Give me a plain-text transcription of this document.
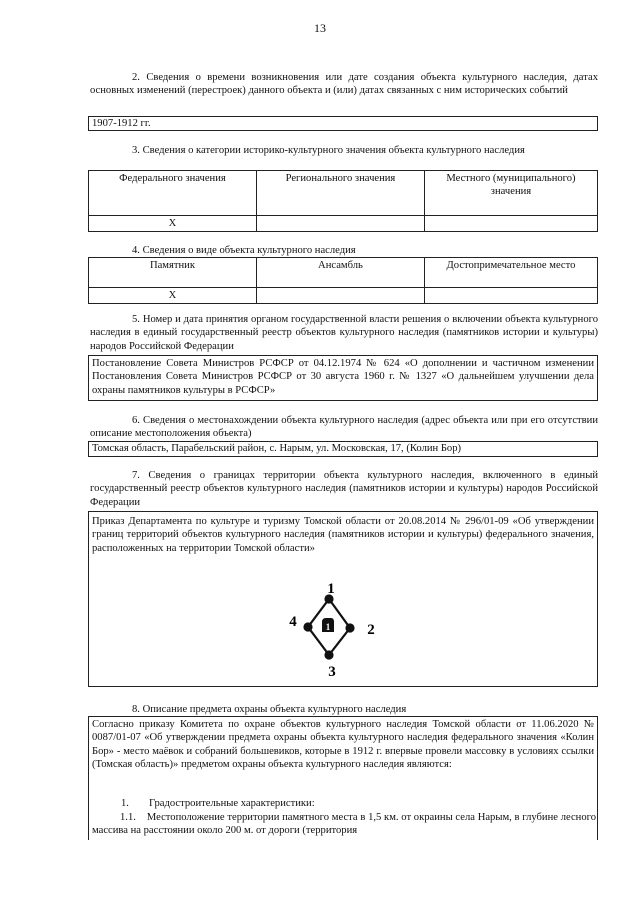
13
2. Сведения о времени возникновения или дате создания объекта культурного наследия, датах основных изменений (перестроек) данного объекта и (или) датах связанных с ним исторических событий
1907-1912 гг.
3. Сведения о категории историко-культурного значения объекта культурного наследия
Федерального значения	Регионального значения	Местного (муниципального) значения
X		
4. Сведения о виде объекта культурного наследия
Памятник	Ансамбль	Достопримечательное место
X		
5. Номер и дата принятия органом государственной власти решения о включении объекта культурного наследия в единый государственный реестр объектов культурного наследия (памятников истории и культуры) народов Российской Федерации
Постановление Совета Министров РСФСР от 04.12.1974 № 624 «О дополнении и частичном изменении Постановления Совета Министров РСФСР от 30 августа 1960 г. № 1327 «О дальнейшем улучшении дела охраны памятников культуры в РСФСР»
6. Сведения о местонахождении объекта культурного наследия (адрес объекта или при его отсутствии описание местоположения объекта)
Томская область, Парабельский район, с. Нарым, ул. Московская, 17, (Колин Бор)
7. Сведения о границах территории объекта культурного наследия, включенного в единый государственный реестр объектов культурного наследия (памятников истории и культуры) народов Российской Федерации
Приказ Департамента по культуре и туризму Томской области от 20.08.2014 № 296/01-09 «Об утверждении границ территорий объектов культурного наследия (памятников истории и культуры) федерального значения, расположенных на территории Томской области»
1
1
2
3
4
8. Описание предмета охраны объекта культурного наследия
Согласно приказу Комитета по охране объектов культурного наследия Томской области от 11.06.2020 № 0087/01-07 «Об утверждении предмета охраны объекта культурного наследия федерального значения «Колин Бор» - место маёвок и собраний большевиков, которые в 1912 г. впервые провели массовку в условиях ссылки (Томская область)» предметом охраны объекта культурного наследия являются:
1. Градостроительные характеристики:
1.1. Местоположение территории памятного места в 1,5 км. от окраины села Нарым, в глубине лесного массива на расстоянии около 200 м. от дороги (территория
